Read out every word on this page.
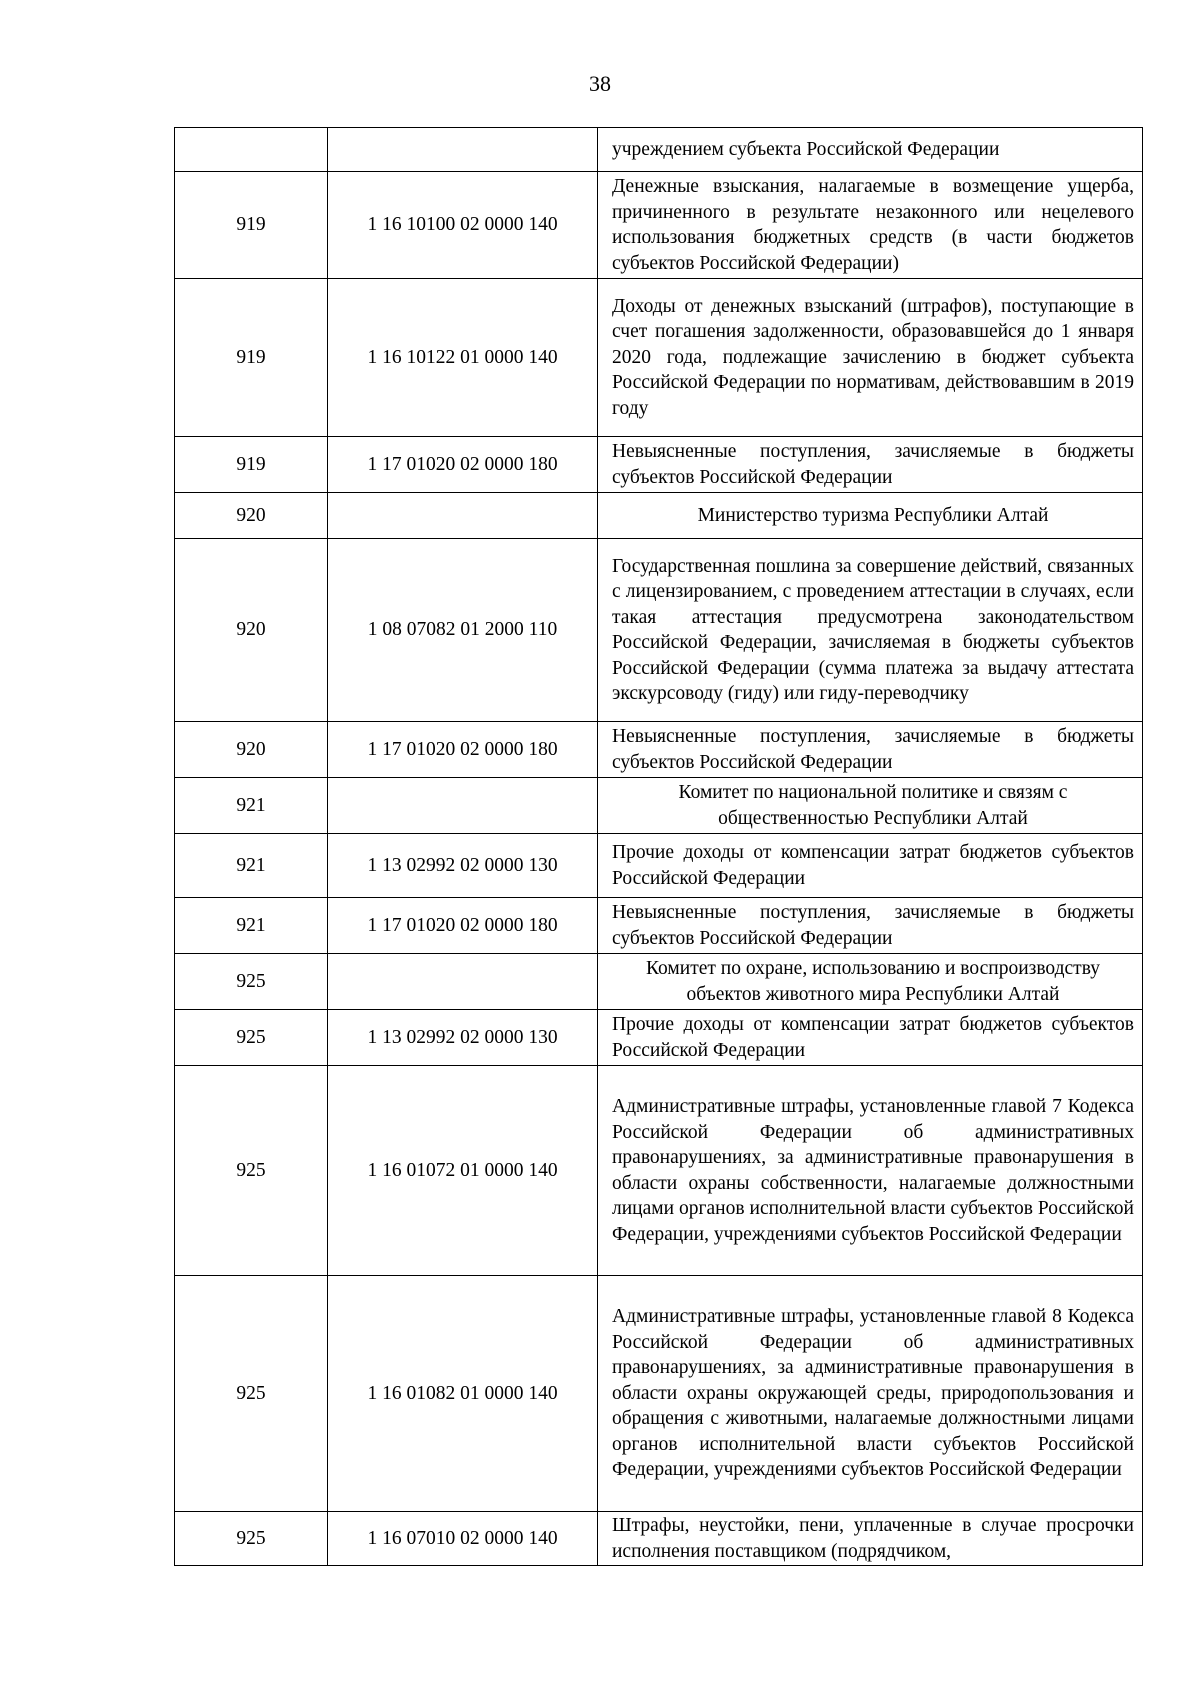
38

		учреждением субъекта Российской Федерации

919	1 16 10100 02 0000 140	Денежные взыскания, налагаемые в возмещение ущерба, причиненного в результате незаконного или нецелевого использования бюджетных средств (в части бюджетов субъектов Российской Федерации)

919	1 16 10122 01 0000 140	Доходы от денежных взысканий (штрафов), поступающие в счет погашения задолженности, образовавшейся до 1 января 2020 года, подлежащие зачислению в бюджет субъекта Российской Федерации по нормативам, действовавшим в 2019 году

919	1 17 01020 02 0000 180	Невыясненные поступления, зачисляемые в бюджеты субъектов Российской Федерации

920		Министерство туризма Республики Алтай

920	1 08 07082 01 2000 110	Государственная пошлина за совершение действий, связанных с лицензированием, с проведением аттестации в случаях, если такая аттестация предусмотрена законодательством Российской Федерации, зачисляемая в бюджеты субъектов Российской Федерации (сумма платежа за выдачу аттестата экскурсоводу (гиду) или гиду-переводчику

920	1 17 01020 02 0000 180	Невыясненные поступления, зачисляемые в бюджеты субъектов Российской Федерации

921		Комитет по национальной политике и связям с общественностью Республики Алтай

921	1 13 02992 02 0000 130	Прочие доходы от компенсации затрат бюджетов субъектов Российской Федерации

921	1 17 01020 02 0000 180	Невыясненные поступления, зачисляемые в бюджеты субъектов Российской Федерации

925		Комитет по охране, использованию и воспроизводству объектов животного мира Республики Алтай

925	1 13 02992 02 0000 130	Прочие доходы от компенсации затрат бюджетов субъектов Российской Федерации

925	1 16 01072 01 0000 140	Административные штрафы, установленные главой 7 Кодекса Российской Федерации об административных правонарушениях, за административные правонарушения в области охраны собственности, налагаемые должностными лицами органов исполнительной власти субъектов Российской Федерации, учреждениями субъектов Российской Федерации

925	1 16 01082 01 0000 140	Административные штрафы, установленные главой 8 Кодекса Российской Федерации об административных правонарушениях, за административные правонарушения в области охраны окружающей среды, природопользования и обращения с животными, налагаемые должностными лицами органов исполнительной власти субъектов Российской Федерации, учреждениями субъектов Российской Федерации

925	1 16 07010 02 0000 140	Штрафы, неустойки, пени, уплаченные в случае просрочки исполнения поставщиком (подрядчиком,
